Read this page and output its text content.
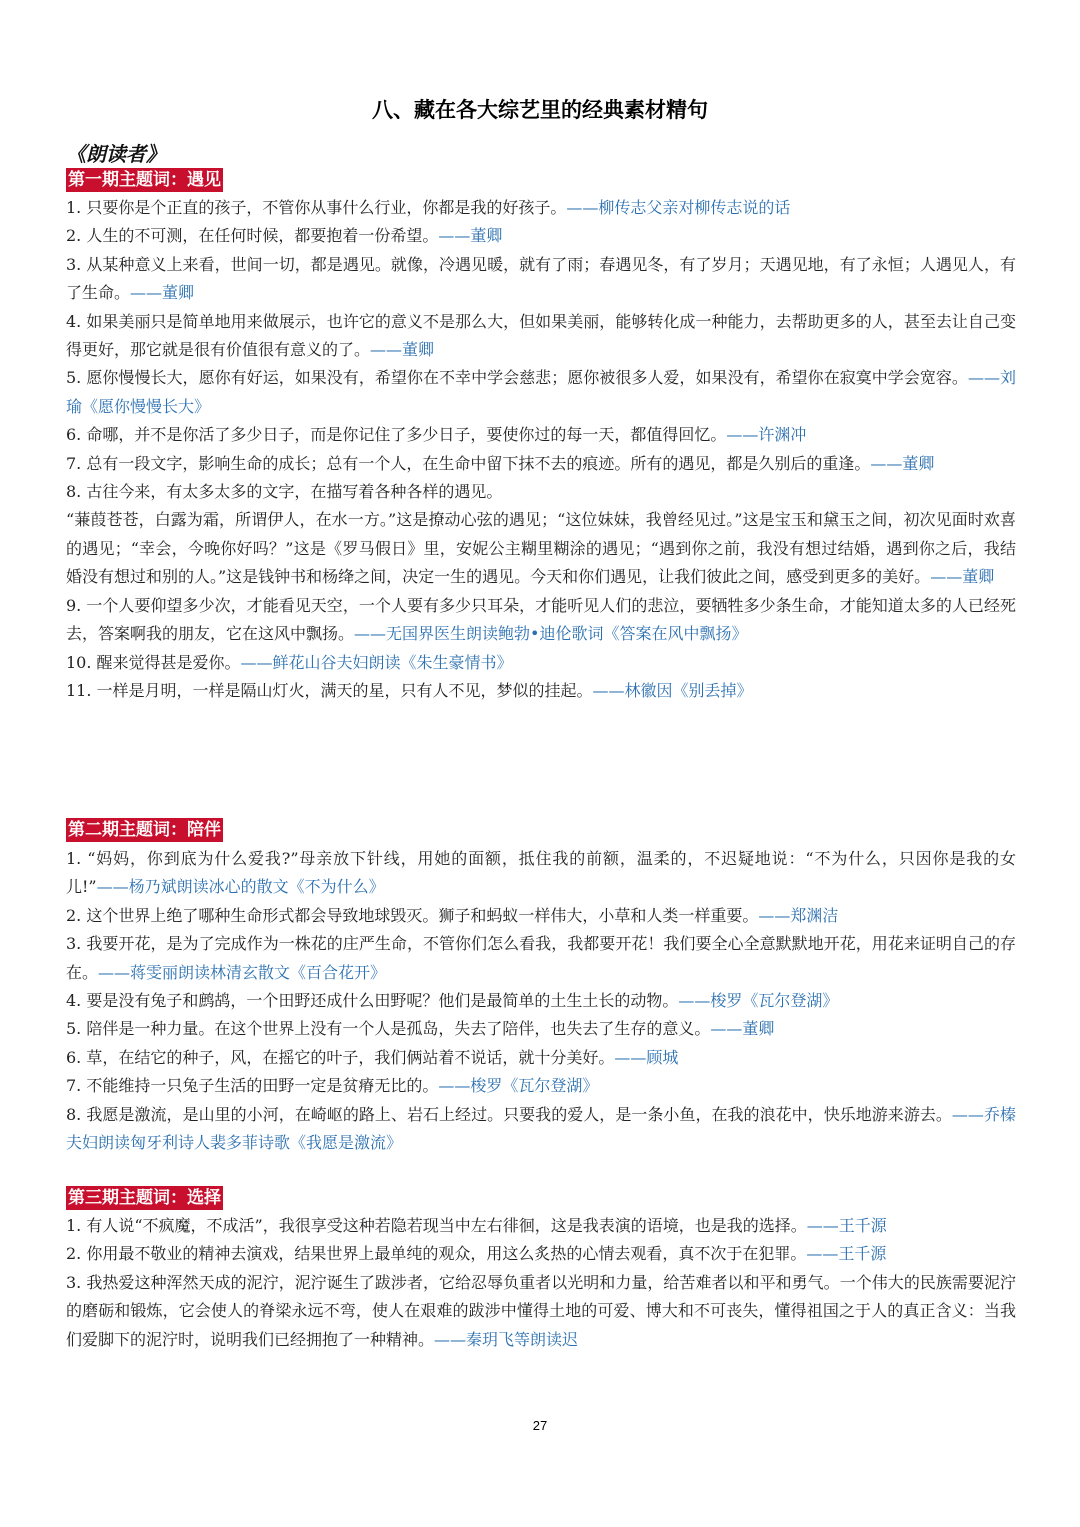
八、藏在各大综艺里的经典素材精句
《朗读者》
第一期主题词：遇见

1. 只要你是个正直的孩子，不管你从事什么行业，你都是我的好孩子。——柳传志父亲对柳传志说的话

2. 人生的不可测，在任何时候，都要抱着一份希望。——董卿

3. 从某种意义上来看，世间一切，都是遇见。就像，冷遇见暖，就有了雨；春遇见冬，有了岁月；天遇见地，有了永恒；人遇见人，有了生命。——董卿

4. 如果美丽只是简单地用来做展示，也许它的意义不是那么大，但如果美丽，能够转化成一种能力，去帮助更多的人，甚至去让自己变得更好，那它就是很有价值很有意义的了。——董卿

5. 愿你慢慢长大，愿你有好运，如果没有，希望你在不幸中学会慈悲；愿你被很多人爱，如果没有，希望你在寂寞中学会宽容。——刘瑜《愿你慢慢长大》

6. 命哪，并不是你活了多少日子，而是你记住了多少日子，要使你过的每一天，都值得回忆。——许渊冲

7. 总有一段文字，影响生命的成长；总有一个人，在生命中留下抹不去的痕迹。所有的遇见，都是久别后的重逢。——董卿

8. 古往今来，有太多太多的文字，在描写着各种各样的遇见。

“蒹葭苍苍，白露为霜，所谓伊人，在水一方。”这是撩动心弦的遇见；“这位妹妹，我曾经见过。”这是宝玉和黛玉之间，初次见面时欢喜的遇见；“幸会，今晚你好吗？”这是《罗马假日》里，安妮公主糊里糊涂的遇见；“遇到你之前，我没有想过结婚，遇到你之后，我结婚没有想过和别的人。”这是钱钟书和杨绛之间，决定一生的遇见。今天和你们遇见，让我们彼此之间，感受到更多的美好。——董卿

9. 一个人要仰望多少次，才能看见天空，一个人要有多少只耳朵，才能听见人们的悲泣，要牺牲多少条生命，才能知道太多的人已经死去，答案啊我的朋友，它在这风中飘扬。——无国界医生朗读鲍勃•迪伦歌词《答案在风中飘扬》

10. 醒来觉得甚是爱你。——鲜花山谷夫妇朗读《朱生豪情书》

11. 一样是月明，一样是隔山灯火，满天的星，只有人不见，梦似的挂起。——林徽因《别丢掉》

第二期主题词：陪伴

1. “妈妈，你到底为什么爱我?”母亲放下针线，用她的面额，抵住我的前额，温柔的，不迟疑地说：“不为什么，只因你是我的女儿!”——杨乃斌朗读冰心的散文《不为什么》

2. 这个世界上绝了哪种生命形式都会导致地球毁灭。狮子和蚂蚁一样伟大，小草和人类一样重要。——郑渊洁

3. 我要开花，是为了完成作为一株花的庄严生命，不管你们怎么看我，我都要开花！我们要全心全意默默地开花，用花来证明自己的存在。——蒋雯丽朗读林清玄散文《百合花开》

4. 要是没有兔子和鹧鸪，一个田野还成什么田野呢？他们是最简单的土生土长的动物。——梭罗《瓦尔登湖》

5. 陪伴是一种力量。在这个世界上没有一个人是孤岛，失去了陪伴，也失去了生存的意义。——董卿

6. 草，在结它的种子，风，在摇它的叶子，我们俩站着不说话，就十分美好。——顾城

7. 不能维持一只兔子生活的田野一定是贫瘠无比的。——梭罗《瓦尔登湖》

8. 我愿是激流，是山里的小河，在崎岖的路上、岩石上经过。只要我的爱人，是一条小鱼，在我的浪花中，快乐地游来游去。——乔榛夫妇朗读匈牙利诗人裴多菲诗歌《我愿是激流》

第三期主题词：选择

1. 有人说“不疯魔，不成活”，我很享受这种若隐若现当中左右徘徊，这是我表演的语境，也是我的选择。——王千源

2. 你用最不敬业的精神去演戏，结果世界上最单纯的观众，用这么炙热的心情去观看，真不次于在犯罪。——王千源

3. 我热爱这种浑然天成的泥泞，泥泞诞生了跋涉者，它给忍辱负重者以光明和力量，给苦难者以和平和勇气。一个伟大的民族需要泥泞的磨砺和锻炼，它会使人的脊梁永远不弯，使人在艰难的跋涉中懂得土地的可爱、博大和不可丧失，懂得祖国之于人的真正含义：当我们爱脚下的泥泞时，说明我们已经拥抱了一种精神。——秦玥飞等朗读迟

27
